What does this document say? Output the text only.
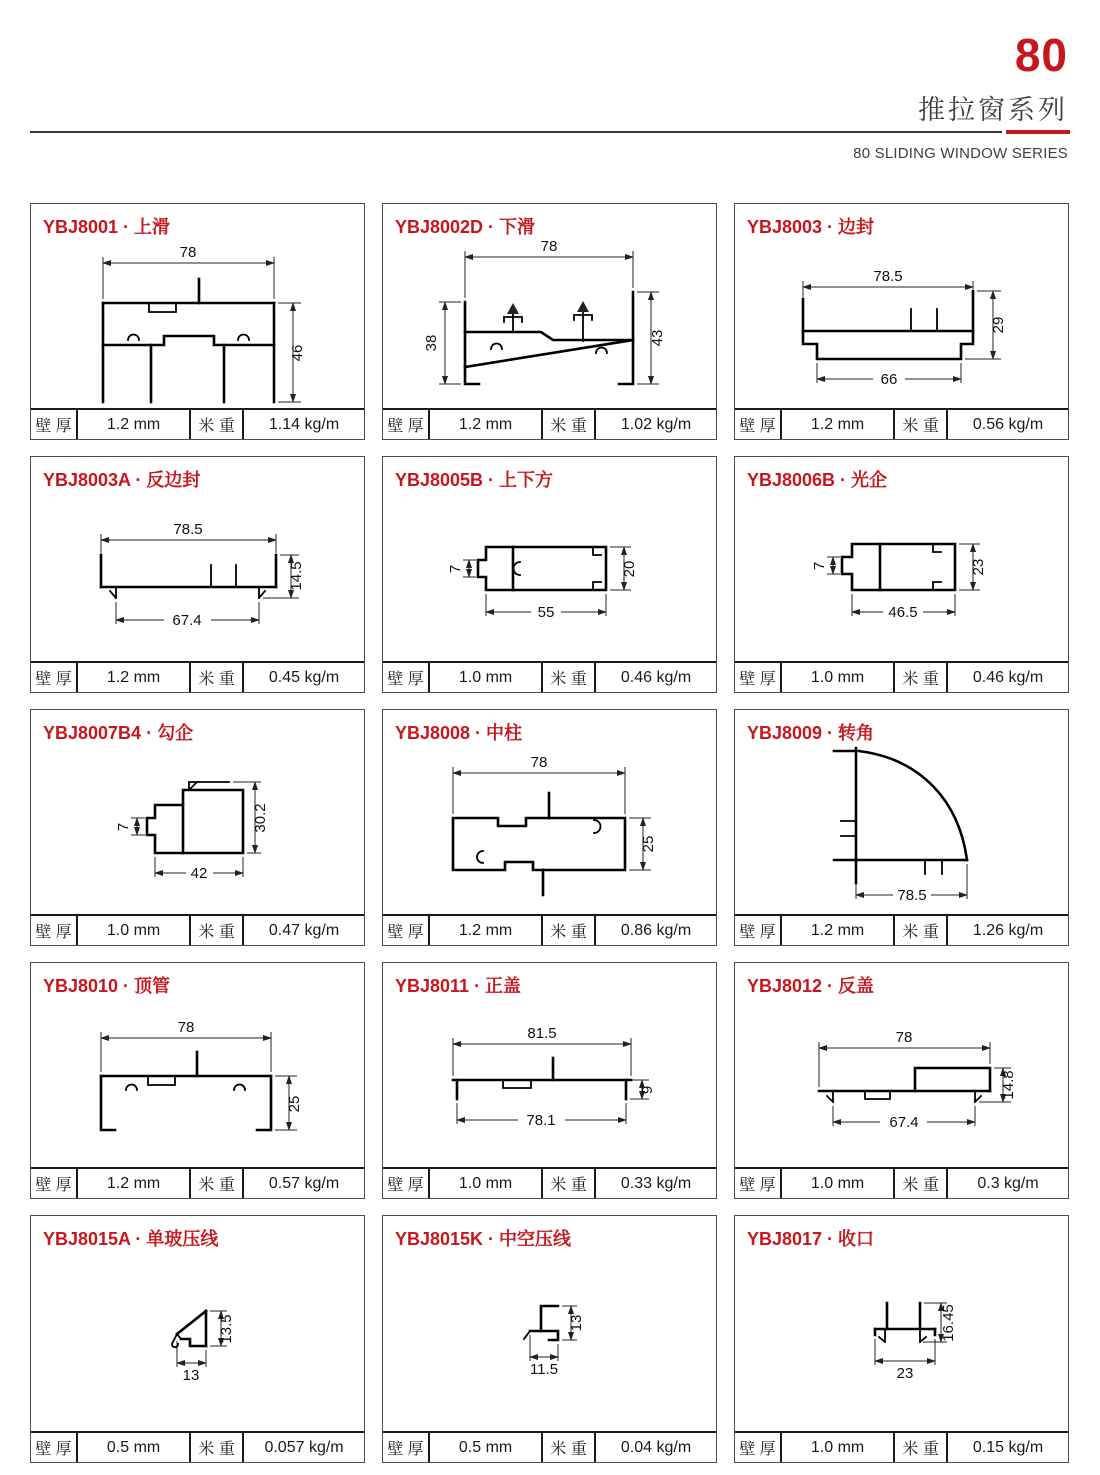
80
推拉窗系列
80 SLIDING WINDOW SERIES
YBJ8001 · 上滑
78
46
壁 厚	1.2 mm	米 重	1.14 kg/m
YBJ8002D · 下滑
78
38	43
壁 厚	1.2 mm	米 重	1.02 kg/m
YBJ8003 · 边封
78.5
29
66
壁 厚	1.2 mm	米 重	0.56 kg/m
YBJ8003A · 反边封
78.5
14.5
67.4
壁 厚	1.2 mm	米 重	0.45 kg/m
YBJ8005B · 上下方
7	20
55
壁 厚	1.0 mm	米 重	0.46 kg/m
YBJ8006B · 光企
7	23
46.5
壁 厚	1.0 mm	米 重	0.46 kg/m
YBJ8007B4 · 勾企
7	30.2
42
壁 厚	1.0 mm	米 重	0.47 kg/m
YBJ8008 · 中柱
78
25
壁 厚	1.2 mm	米 重	0.86 kg/m
YBJ8009 · 转角
78.5
壁 厚	1.2 mm	米 重	1.26 kg/m
YBJ8010 · 顶管
78
25
壁 厚	1.2 mm	米 重	0.57 kg/m
YBJ8011 · 正盖
81.5
9
78.1
壁 厚	1.0 mm	米 重	0.33 kg/m
YBJ8012 · 反盖
78
14.8
67.4
壁 厚	1.0 mm	米 重	0.3 kg/m
YBJ8015A · 单玻压线
13.5
13
壁 厚	0.5 mm	米 重	0.057 kg/m
YBJ8015K · 中空压线
13
11.5
壁 厚	0.5 mm	米 重	0.04 kg/m
YBJ8017 · 收口
16.45
23
壁 厚	1.0 mm	米 重	0.15 kg/m
